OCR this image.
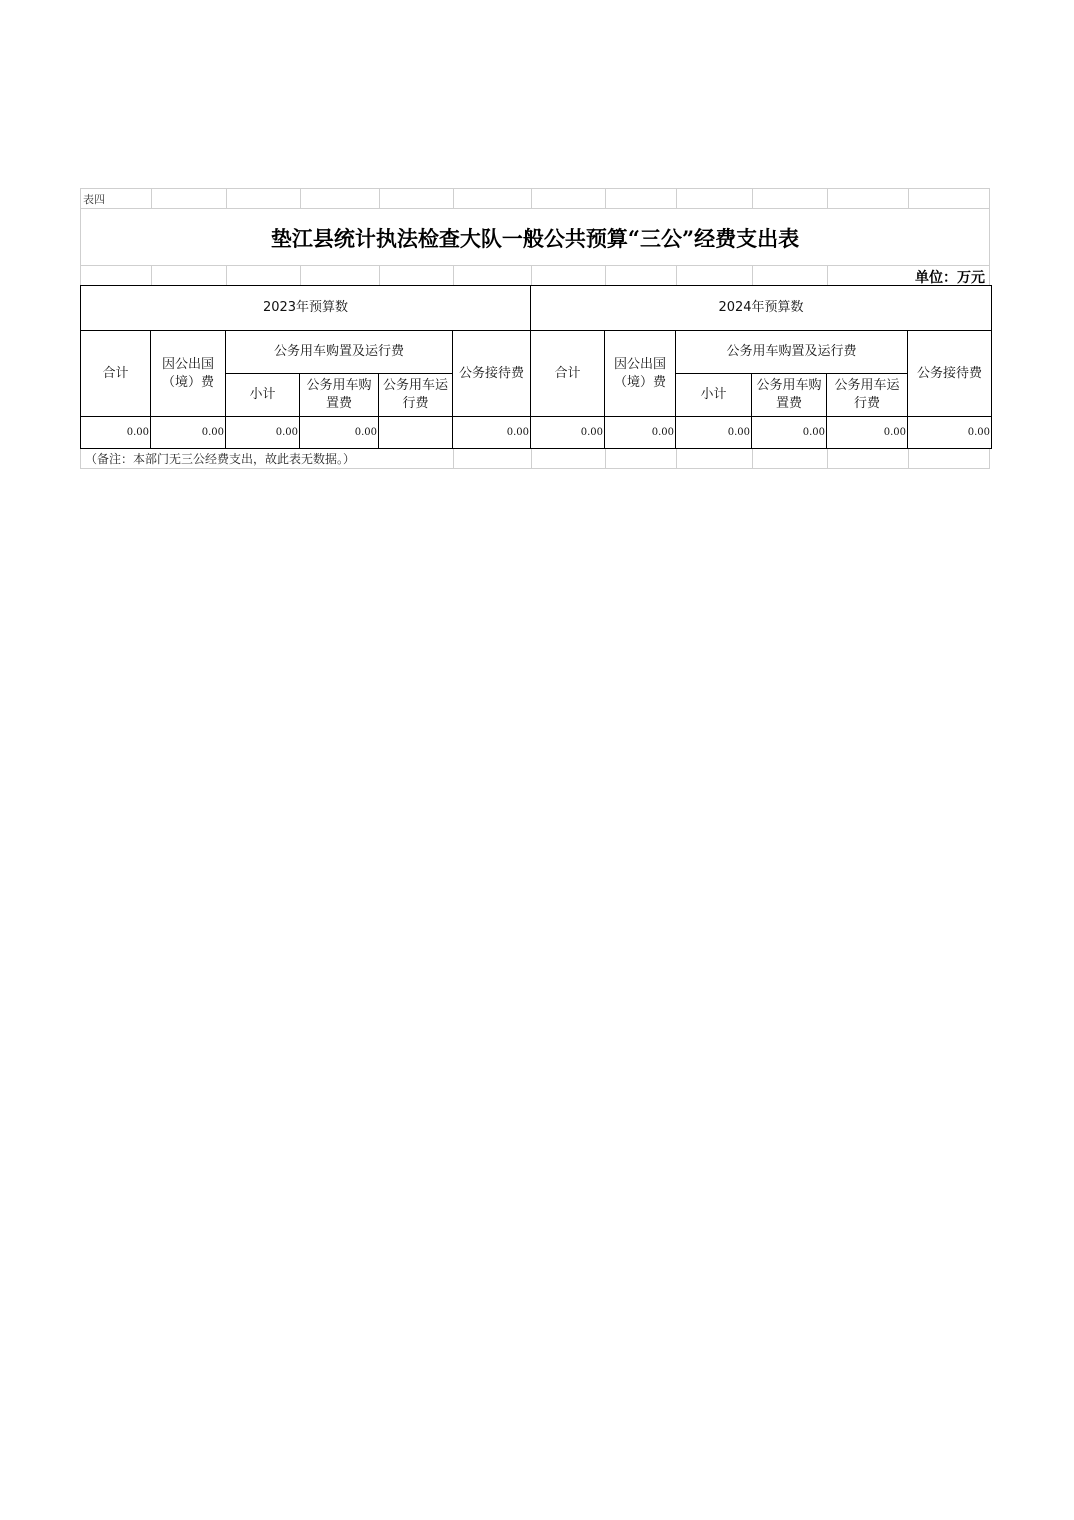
表四
垫江县统计执法检查大队一般公共预算“三公”经费支出表
单位：万元
2023年预算数						2024年预算数					
合计	因公出国（境）费	公务用车购置及运行费			公务接待费	合计	因公出国（境）费	公务用车购置及运行费			公务接待费
		小计	公务用车购置费	公务用车运行费				小计	公务用车购置费	公务用车运行费	
0.00	0.00	0.00	0.00		0.00	0.00	0.00	0.00	0.00	0.00	0.00
（备注：本部门无三公经费支出，故此表无数据。）
